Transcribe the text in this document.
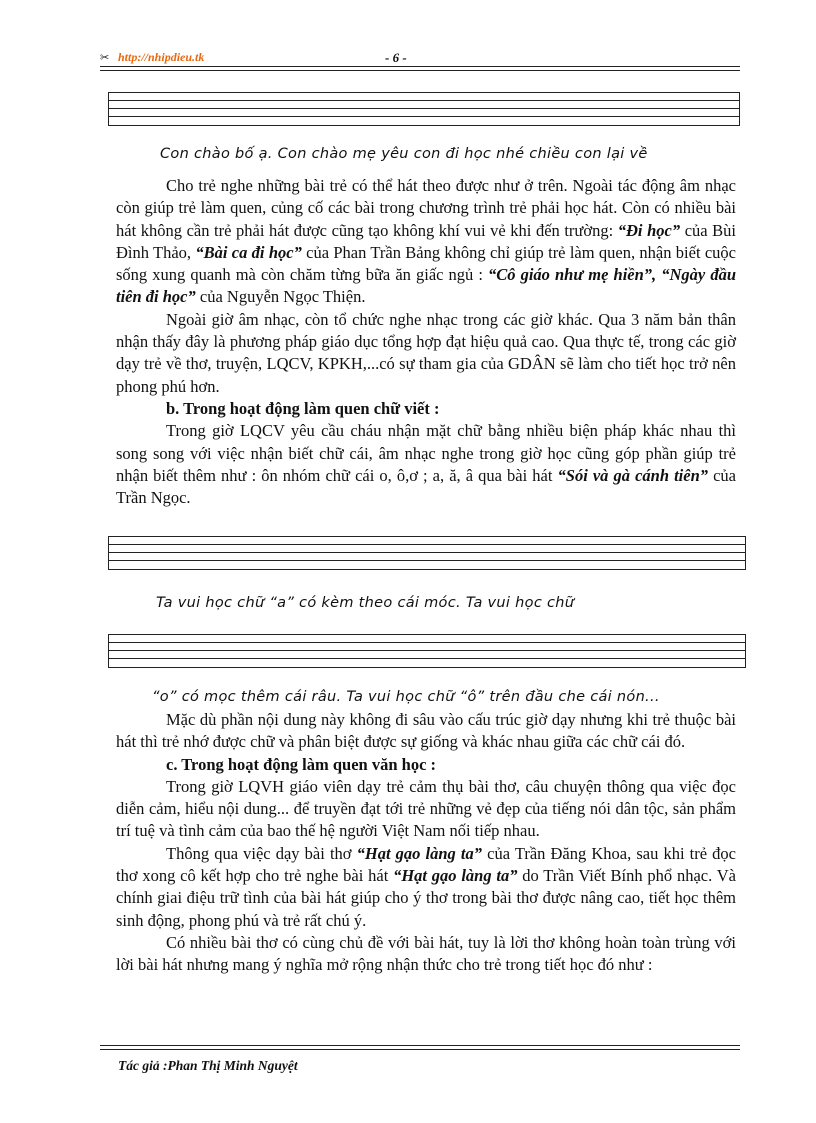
✂ http://nhipdieu.tk	- 6 -
Con chào bố ạ. Con chào mẹ yêu con đi học nhé chiều con lại về

Cho trẻ nghe những bài trẻ có thể hát theo được như ở trên. Ngoài tác động âm nhạc còn giúp trẻ làm quen, củng cố các bài trong chương trình trẻ phải học hát. Còn có nhiều bài hát không cần trẻ phải hát được cũng tạo không khí vui vẻ khi đến trường: “Đi học” của Bùi Đình Thảo, “Bài ca đi học” của Phan Trần Bảng không chỉ giúp trẻ làm quen, nhận biết cuộc sống xung quanh mà còn chăm từng bữa ăn giấc ngủ : “Cô giáo như mẹ hiền”, “Ngày đầu tiên đi học” của Nguyễn Ngọc Thiện.

Ngoài giờ âm nhạc, còn tổ chức nghe nhạc trong các giờ khác. Qua 3 năm bản thân nhận thấy đây là phương pháp giáo dục tổng hợp đạt hiệu quả cao. Qua thực tế, trong các giờ dạy trẻ về thơ, truyện, LQCV, KPKH,...có sự tham gia của GDÂN sẽ làm cho tiết học trở nên phong phú hơn.

b. Trong hoạt động làm quen chữ viết :

Trong giờ LQCV yêu cầu cháu nhận mặt chữ bằng nhiều biện pháp khác nhau thì song song với việc nhận biết chữ cái, âm nhạc nghe trong giờ học cũng góp phần giúp trẻ nhận biết thêm như : ôn nhóm chữ cái o, ô,ơ ; a, ă, â qua bài hát “Sói và gà cánh tiên” của Trần Ngọc.

Ta vui học chữ “a” có kèm theo cái móc. Ta vui học chữ
“o” có mọc thêm cái râu. Ta vui học chữ “ô” trên đầu che cái nón...

Mặc dù phần nội dung này không đi sâu vào cấu trúc giờ dạy nhưng khi trẻ thuộc bài hát thì trẻ nhớ được chữ và phân biệt được sự giống và khác nhau giữa các chữ cái đó.

c. Trong hoạt động làm quen văn học :

Trong giờ LQVH giáo viên dạy trẻ cảm thụ bài thơ, câu chuyện thông qua việc đọc diễn cảm, hiểu nội dung... để truyền đạt tới trẻ những vẻ đẹp của tiếng nói dân tộc, sản phẩm trí tuệ và tình cảm của bao thế hệ người Việt Nam nối tiếp nhau.

Thông qua việc dạy bài thơ “Hạt gạo làng ta” của Trần Đăng Khoa, sau khi trẻ đọc thơ xong cô kết hợp cho trẻ nghe bài hát “Hạt gạo làng ta” do Trần Viết Bính phổ nhạc. Và chính giai điệu trữ tình của bài hát giúp cho ý thơ trong bài thơ được nâng cao, tiết học thêm sinh động, phong phú và trẻ rất chú ý.

Có nhiều bài thơ có cùng chủ đề với bài hát, tuy là lời thơ không hoàn toàn trùng với lời bài hát nhưng mang ý nghĩa mở rộng nhận thức cho trẻ trong tiết học đó như :

Tác giả :Phan Thị Minh Nguyệt
